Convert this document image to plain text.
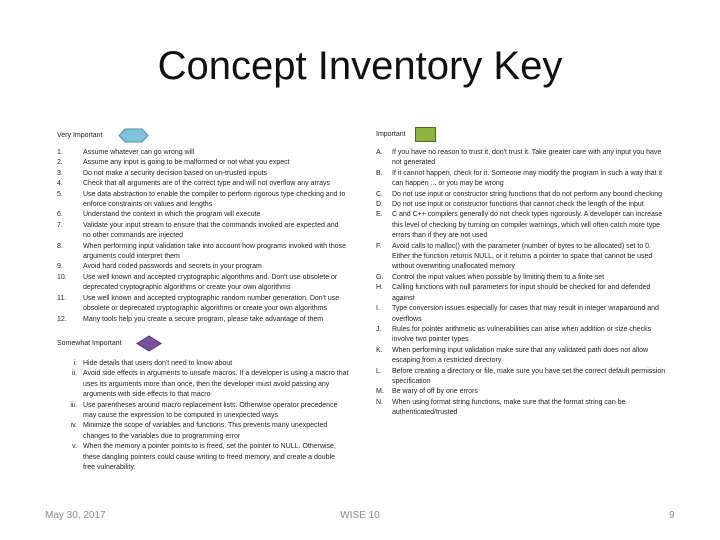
Concept Inventory Key
Very Important
1.	Assume whatever can go wrong will
2.	Assume any input is going to be malformed or not what you expect
3.	Do not make a security decision based on un-trusted inputs
4.	Check that all arguments are of the correct type and will not overflow any arrays
5.	Use data abstraction to enable the compiler to perform rigorous type checking and to enforce constraints on values and lengths
6.	Understand the context in which the program will execute
7.	Validate your input stream to ensure that the commands invoked are expected and no other commands are injected
8.	When performing input validation take into account how programs invoked with those arguments could interpret them
9.	Avoid hard coded passwords and secrets in your program
10.	Use well known and accepted cryptographic algorithms and. Don't use obsolete or deprecated cryptographic algorithms or create your own algorithms
11.	Use well known and accepted cryptographic random number generation. Don't use obsolete or deprecated cryptographic algorithms or create your own algorithms
12.	Many tools help you create a secure program, please take advantage of them
Somewhat Important
i. Hide details that users don't need to know about
ii. Avoid side effects in arguments to unsafe macros. If a developer is using a macro that uses its arguments more than once, then the developer must avoid passing any arguments with side effects to that macro
iii. Use parentheses around macro replacement lists. Otherwise operator precedence may cause the expression to be computed in unexpected ways
iv. Minimize the scope of variables and functions. This prevents many unexpected changes to the variables due to programming error
v. When the memory a pointer points to is freed, set the pointer to NULL. Otherwise, these dangling pointers could cause writing to freed memory, and create a double free vulnerability.
Important
A.	If you have no reason to trust it, don't trust it. Take greater care with any input you have not generated
B.	If it cannot happen, check for it. Someone may modify the program in such a way that it can happen ... or you may be wrong
C.	Do not use input or constructor string functions that do not perform any bound checking
D.	Do not use input or constructor functions that cannot check the length of the input
E.	C and C++ compilers generally do not check types rigorously. A developer can increase this level of checking by turning on compiler warnings, which will often catch more type errors than if they are not used
F.	Avoid calls to malloc() with the parameter (number of bytes to be allocated) set to 0. Either the function returns NULL, or it returns a pointer to space that cannot be used without overwriting unallocated memory
G.	Control the input values when possible by limiting them to a finite set
H.	Calling functions with null parameters for input should be checked for and defended against
I.	Type conversion issues especially for cases that may result in integer wraparound and overflows
J.	Rules for pointer arithmetic as vulnerabilities can arise when addition or size checks involve two pointer types
K.	When performing input validation make sure that any validated path does not allow escaping from a restricted directory
L.	Before creating a directory or file, make sure you have set the correct default permission specification
M.	Be wary of off by one errors
N.	When using format string functions, make sure that the format string can be authenticated/trusted
May 30, 2017	WISE 10	9
